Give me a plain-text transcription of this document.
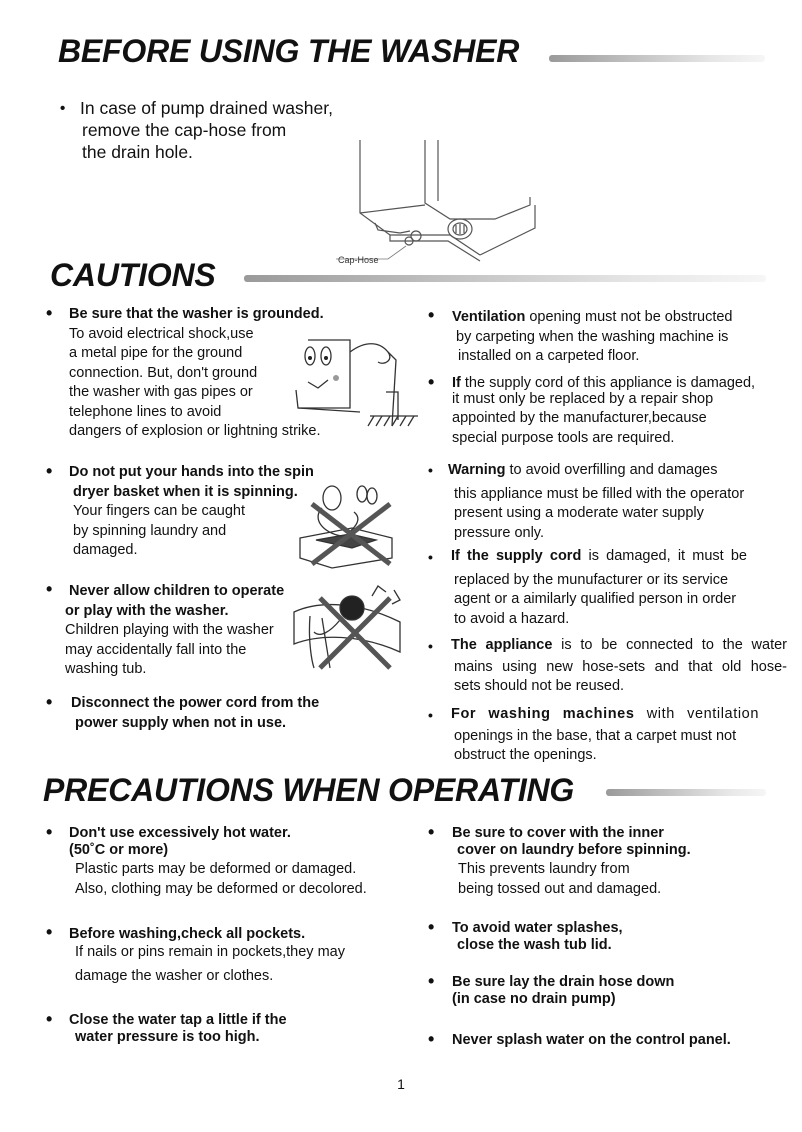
BEFORE USING THE WASHER
• In case of pump drained washer,

remove the cap-hose from

the drain hole.

Cap-Hose
CAUTIONS
• Be sure that the washer is grounded.

To avoid electrical shock,use

a metal pipe for the ground

connection. But, don't ground

the washer with gas pipes or

telephone lines to avoid

dangers of explosion or lightning strike.

• Do not put your hands into the spin

dryer basket when it is spinning.

Your fingers can be caught

by spinning laundry and

damaged.

• Never allow children to operate

or play with the washer.

Children playing with the washer

may accidentally fall into the

washing tub.

• Disconnect the power cord from the

power supply when not in use.

• Ventilation opening must not be obstructed

by carpeting when the washing machine is

installed on a carpeted floor.

• If the supply cord of this appliance is damaged,

it must only be replaced by a repair shop

appointed by the manufacturer,because

special purpose tools are required.

• Warning to avoid overfilling and damages

this appliance must be filled with the operator

present using a moderate water supply

pressure only.

• If the supply cord is damaged, it must be

replaced by the munufacturer or its service

agent or a aimilarly qualified person in order

to avoid a hazard.

• The appliance is to be connected to the water

mains using new hose-sets and that old hose-

sets should not be reused.

• For washing machines with ventilation

openings in the base, that a carpet must not

obstruct the openings.

PRECAUTIONS WHEN OPERATING
• Don't use excessively hot water.

(50˚C or more)

Plastic parts may be deformed or damaged.

Also, clothing may be deformed or decolored.

• Before washing,check all pockets.

If nails or pins remain in pockets,they may

damage the washer or clothes.

• Close the water tap a little if the

water pressure is too high.

• Be sure to cover with the inner

cover on laundry before spinning.

This prevents laundry from

being tossed out and damaged.

• To avoid water splashes,

close the wash tub lid.

• Be sure lay the drain hose down

(in case no drain pump)

• Never splash water on the control panel.

1
